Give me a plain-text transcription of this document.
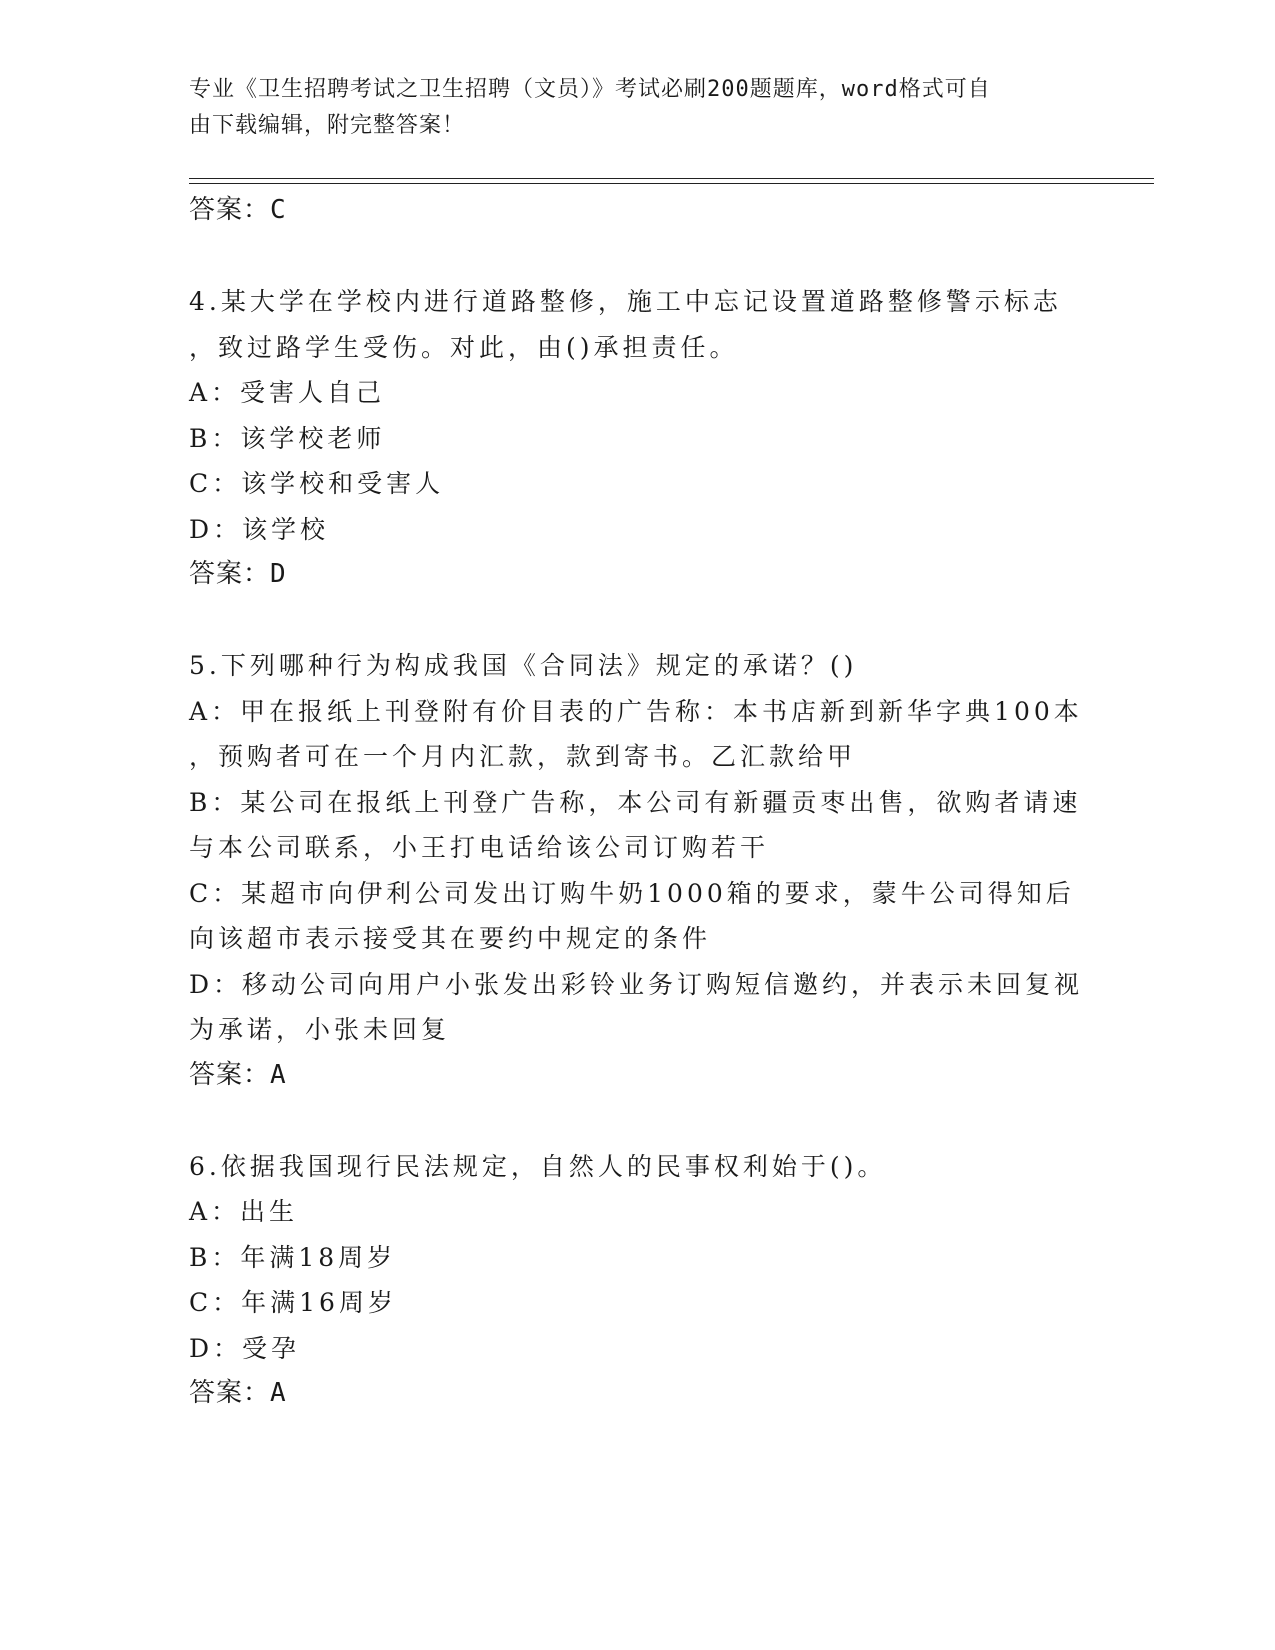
专业《卫生招聘考试之卫生招聘（文员）》考试必刷200题题库，word格式可自
由下载编辑，附完整答案！
答案：C
4.某大学在学校内进行道路整修，施工中忘记设置道路整修警示标志
，致过路学生受伤。对此，由()承担责任。
A：受害人自己
B：该学校老师
C：该学校和受害人
D：该学校
答案：D
5.下列哪种行为构成我国《合同法》规定的承诺？()
A：甲在报纸上刊登附有价目表的广告称：本书店新到新华字典100本
，预购者可在一个月内汇款，款到寄书。乙汇款给甲
B：某公司在报纸上刊登广告称，本公司有新疆贡枣出售，欲购者请速
与本公司联系，小王打电话给该公司订购若干
C：某超市向伊利公司发出订购牛奶1000箱的要求，蒙牛公司得知后
向该超市表示接受其在要约中规定的条件
D：移动公司向用户小张发出彩铃业务订购短信邀约，并表示未回复视
为承诺，小张未回复
答案：A
6.依据我国现行民法规定，自然人的民事权利始于()。
A：出生
B：年满18周岁
C：年满16周岁
D：受孕
答案：A
